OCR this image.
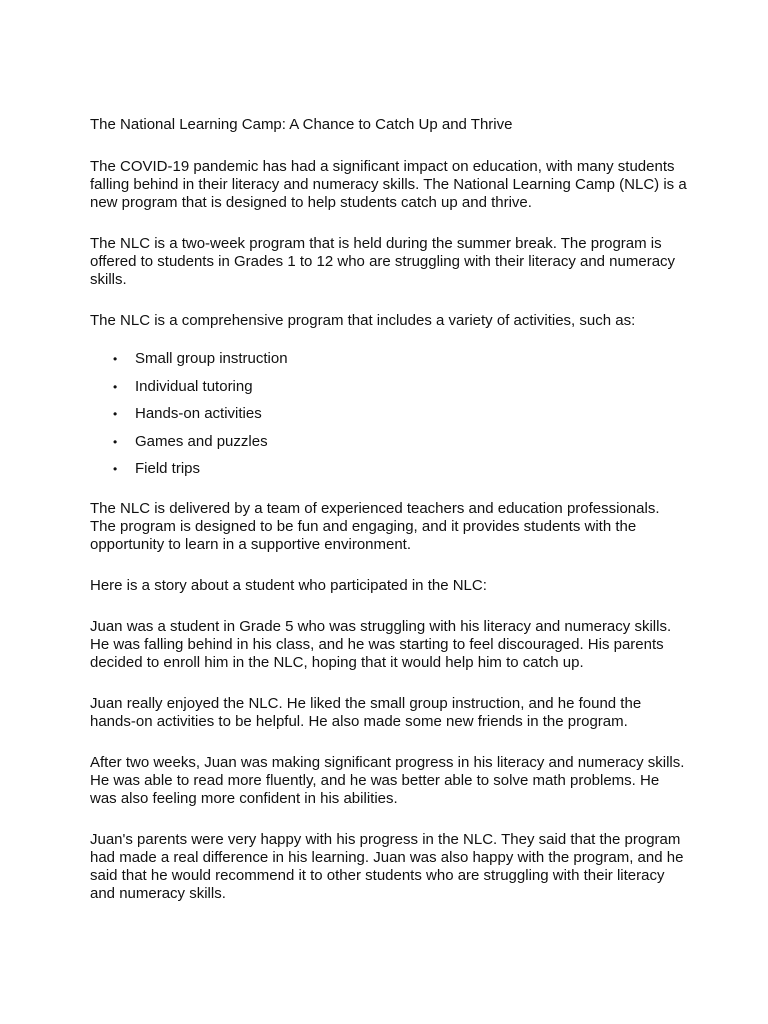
The National Learning Camp: A Chance to Catch Up and Thrive

The COVID-19 pandemic has had a significant impact on education, with many students falling behind in their literacy and numeracy skills. The National Learning Camp (NLC) is a new program that is designed to help students catch up and thrive.

The NLC is a two-week program that is held during the summer break. The program is offered to students in Grades 1 to 12 who are struggling with their literacy and numeracy skills.

The NLC is a comprehensive program that includes a variety of activities, such as:

• Small group instruction
• Individual tutoring
• Hands-on activities
• Games and puzzles
• Field trips

The NLC is delivered by a team of experienced teachers and education professionals. The program is designed to be fun and engaging, and it provides students with the opportunity to learn in a supportive environment.

Here is a story about a student who participated in the NLC:

Juan was a student in Grade 5 who was struggling with his literacy and numeracy skills. He was falling behind in his class, and he was starting to feel discouraged. His parents decided to enroll him in the NLC, hoping that it would help him to catch up.

Juan really enjoyed the NLC. He liked the small group instruction, and he found the hands-on activities to be helpful. He also made some new friends in the program.

After two weeks, Juan was making significant progress in his literacy and numeracy skills. He was able to read more fluently, and he was better able to solve math problems. He was also feeling more confident in his abilities.

Juan's parents were very happy with his progress in the NLC. They said that the program had made a real difference in his learning. Juan was also happy with the program, and he said that he would recommend it to other students who are struggling with their literacy and numeracy skills.
